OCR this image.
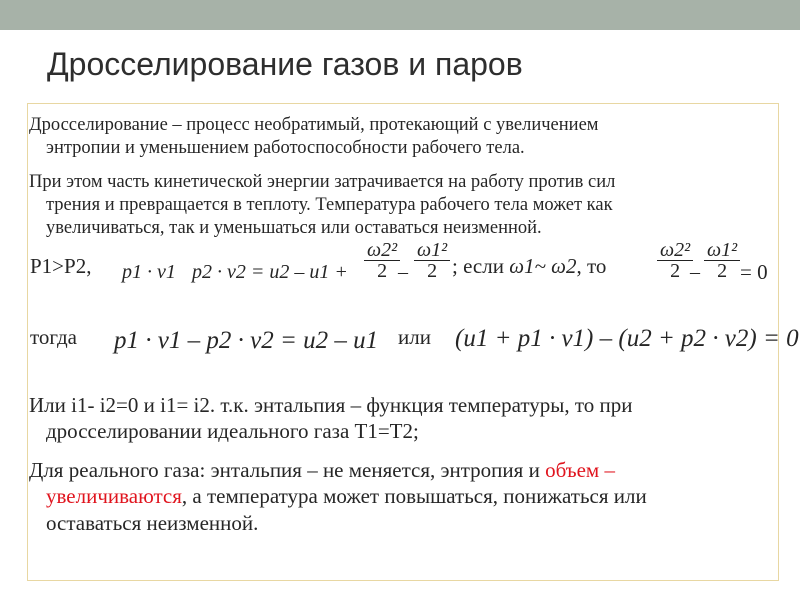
Дросселирование газов и паров

Дросселирование – процесс необратимый, протекающий с увеличением

энтропии и уменьшением работоспособности рабочего тела.

При этом часть кинетической энергии затрачивается на работу против сил

трения и превращается в теплоту. Температура рабочего тела может как
увеличиваться, так и уменьшаться или оставаться неизменной.

Р1>Р2, p1 · v1 $p2 \cdot v2 = u2 - u1 + \frac{\text{ω2²}}{2}$
– $\frac{\text{ω1²}}{2}$ ; если ω1~ ω2, то	$\frac{\text{ω2²}}{2}$
– $\frac{\text{ω1²}}{2} = 0$
тогда p1 · v1 – p2 · v2 = u2 – u1 или (u1 + p1 · v1) – (u2 + p2 · v2) = 0

Или i1- i2=0 и i1= i2. т.к. энтальпия – функция температуры, то при

дросселировании идеального газа Т1=Т2;

Для реального газа: энтальпия – не меняется, энтропия и объем –

увеличиваются, а температура может повышаться, понижаться или
оставаться неизменной.
